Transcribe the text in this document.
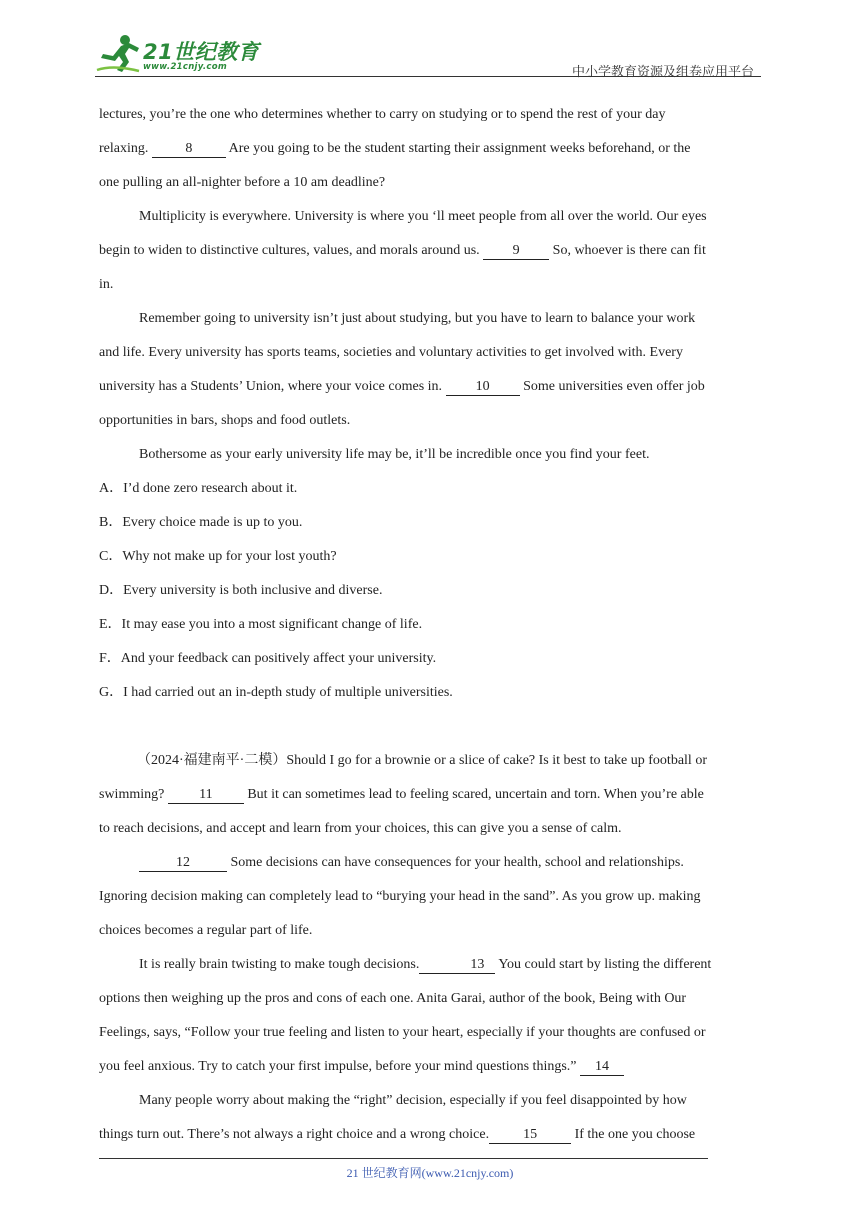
21世纪教育
www.21cnjy.com	中小学教育资源及组卷应用平台

lectures, you’re the one who determines whether to carry on studying or to spend the rest of your day

relaxing.	8	Are you going to be the student starting their assignment weeks beforehand, or the

one pulling an all-nighter before a 10 am deadline?

Multiplicity is everywhere. University is where you ‘ll meet people from all over the world. Our eyes

begin to widen to distinctive cultures, values, and morals around us. 9 So, whoever is there can fit

in.

Remember going to university isn’t just about studying, but you have to learn to balance your work

and life. Every university has sports teams, societies and voluntary activities to get involved with. Every

university has a Students’ Union, where your voice comes in. 10 Some universities even offer job

opportunities in bars, shops and food outlets.

Bothersome as your early university life may be, it’ll be incredible once you find your feet.

A．I’d done zero research about it.

B．Every choice made is up to you.

C．Why not make up for your lost youth?

D．Every university is both inclusive and diverse.

E．It may ease you into a most significant change of life.

F．And your feedback can positively affect your university.

G．I had carried out an in-depth study of multiple universities.

（2024·福建南平·二模）Should I go for a brownie or a slice of cake? Is it best to take up football or

swimming? 11 But it can sometimes lead to feeling scared, uncertain and torn. When you’re able

to reach decisions, and accept and learn from your choices, this can give you a sense of calm.

12	Some decisions can have consequences for your health, school and relationships.

Ignoring decision making can completely lead to “burying your head in the sand”. As you grow up. making

choices becomes a regular part of life.

It is really brain twisting to make tough decisions.	13 You could start by listing the different

options then weighing up the pros and cons of each one. Anita Garai, author of the book, Being with Our

Feelings, says, “Follow your true feeling and listen to your heart, especially if your thoughts are confused or

you feel anxious. Try to catch your first impulse, before your mind questions things.” 14

Many people worry about making the “right” decision, especially if you feel disappointed by how

things turn out. There’s not always a right choice and a wrong choice. 15	If the one you choose

21 世纪教育网(www.21cnjy.com)
